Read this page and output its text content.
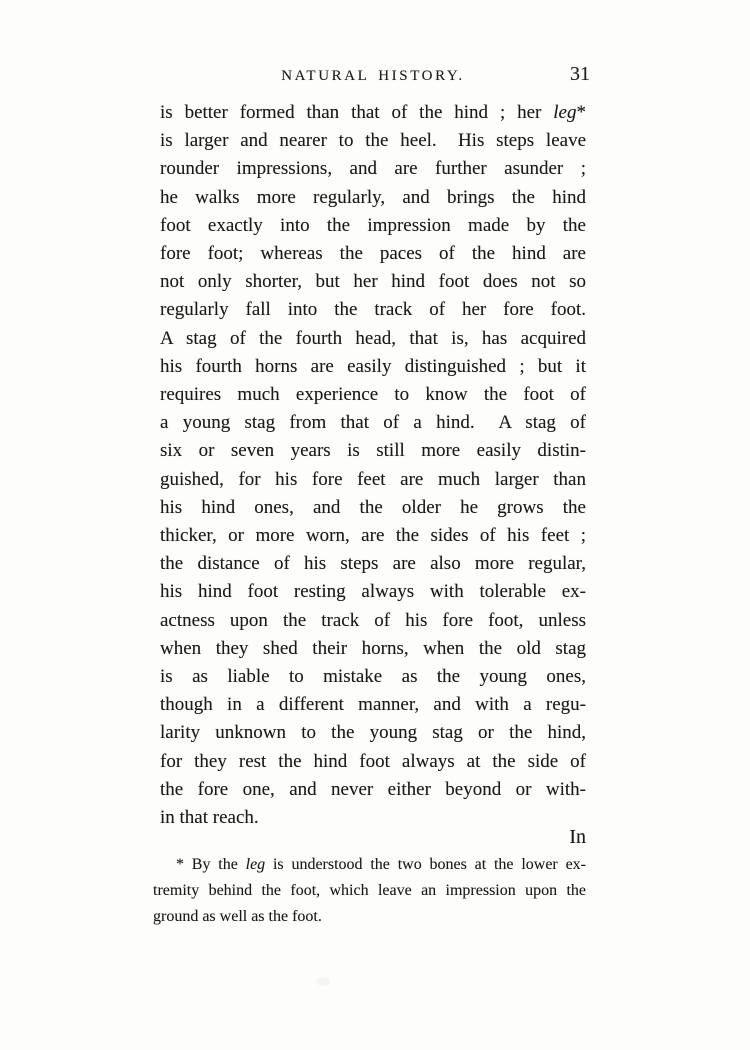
NATURAL HISTORY.	31
is better formed than that of the hind ; her leg*
is larger and nearer to the heel.  His steps leave
rounder impressions, and are further asunder ;
he walks more regularly, and brings the hind
foot exactly into the impression made by the
fore foot; whereas the paces of the hind are
not only shorter, but her hind foot does not so
regularly fall into the track of her fore foot.
A stag of the fourth head, that is, has acquired
his fourth horns are easily distinguished ; but it
requires much experience to know the foot of
a young stag from that of a hind.  A stag of
six or seven years is still more easily distin-
guished, for his fore feet are much larger than
his hind ones, and the older he grows the
thicker, or more worn, are the sides of his feet ;
the distance of his steps are also more regular,
his hind foot resting always with tolerable ex-
actness upon the track of his fore foot, unless
when they shed their horns, when the old stag
is as liable to mistake as the young ones,
though in a different manner, and with a regu-
larity unknown to the young stag or the hind,
for they rest the hind foot always at the side of
the fore one, and never either beyond or with-
in that reach.
In
* By the leg is understood the two bones at the lower ex-
tremity behind the foot, which leave an impression upon the
ground as well as the foot.
